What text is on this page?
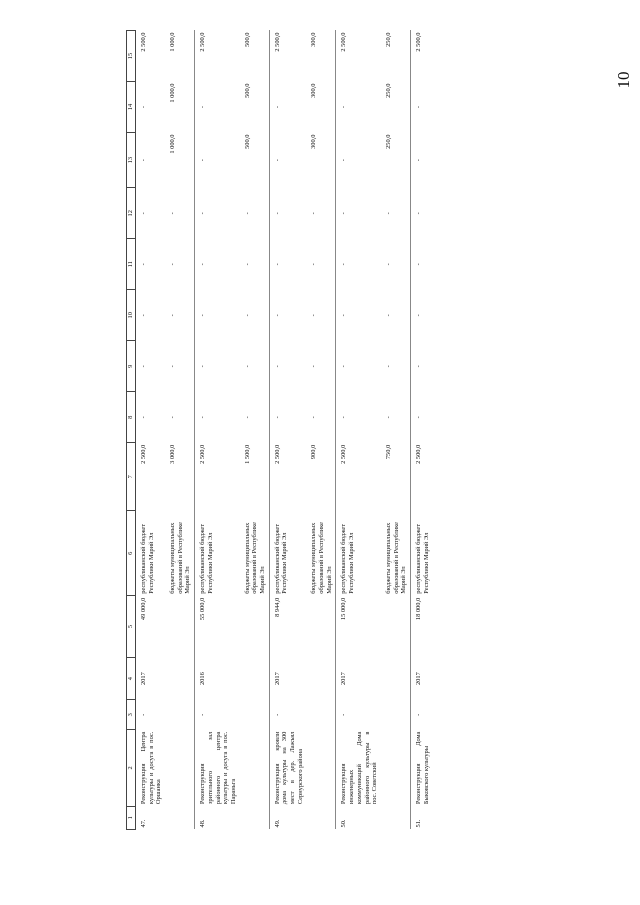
10

1	2	3	4	5	6	7	8	9	10	11	12	13	14	15
47.	Реконструкция Центра культуры и досуга в пос. Оршанка	-	2017	49 000,0	республиканский бюджет Республики Марий Эл	2 500,0	-	-	-	-	-	-	-	2 500,0
					бюджеты муниципальных образований в Республике Марий Эл	3 000,0	-	-	-	-	-	1 000,0	1 000,0	1 000,0

48.	Реконструкция зрительного зал районного центра культуры и досуга в пос. Параньга	-	2016	55 000,0	республиканский бюджет Республики Марий Эл	2 500,0	-	-	-	-	-	-	-	2 500,0
					бюджеты муниципальных образований в Республике Марий Эл	1 500,0	-	-	-	-	-	500,0	500,0	500,0

49.	Реконструкция кровли дома культуры на 300 мест в дер. Лажъял Сернурского района	-	2017	8 944,0	республиканский бюджет Республики Марий Эл	2 500,0	-	-	-	-	-	-	-	2 500,0
					бюджеты муниципальных образований в Республике Марий Эл	900,0	-	-	-	-	-	300,0	300,0	300,0

50.	Реконструкция инженерных коммуникаций Дома районного культуры в пос. Советский	-	2017	15 000,0	республиканский бюджет Республики Марий Эл	2 500,0	-	-	-	-	-	-	-	2 500,0
					бюджеты муниципальных образований в Республике Марий Эл	750,0	-	-	-	-	-	250,0	250,0	250,0

51.	Реконструкция Дома Быковского культуры	-	2017	18 000,0	республиканский бюджет Республики Марий Эл	2 500,0	-	-	-	-	-	-	-	2 500,0
